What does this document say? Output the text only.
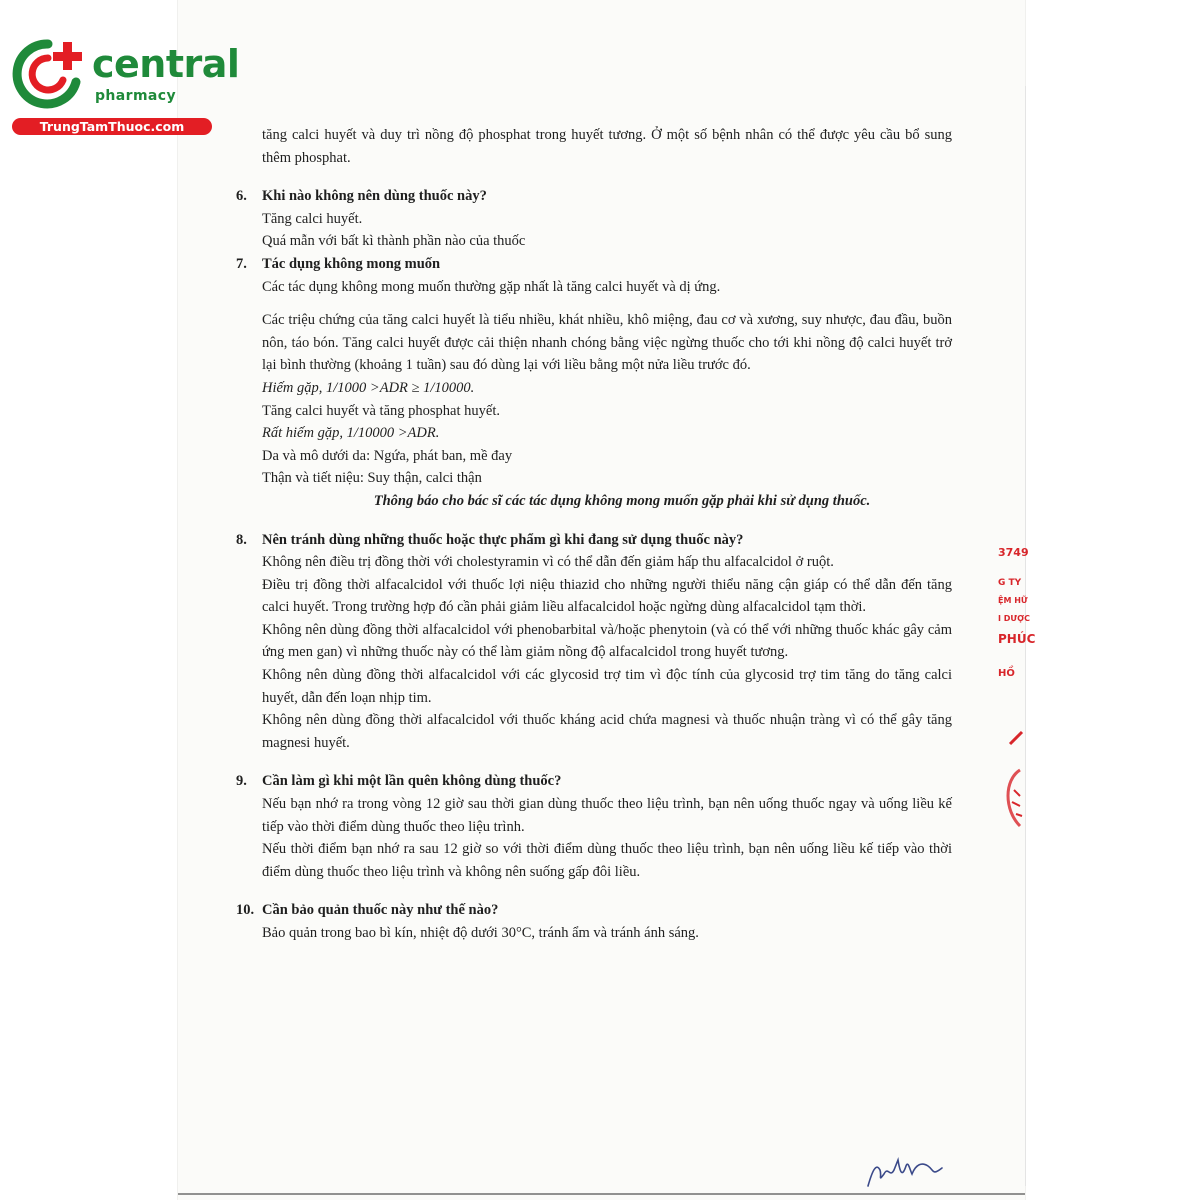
central
pharmacy
TrungTamThuoc.com

tăng calci huyết và duy trì nồng độ phosphat trong huyết tương. Ở một số bệnh nhân có thể được yêu cầu bổ sung thêm phosphat.

6.	Khi nào không nên dùng thuốc này?

Tăng calci huyết.

Quá mẫn với bất kì thành phần nào của thuốc

7.	Tác dụng không mong muốn

Các tác dụng không mong muốn thường gặp nhất là tăng calci huyết và dị ứng.

Các triệu chứng của tăng calci huyết là tiểu nhiều, khát nhiều, khô miệng, đau cơ và xương, suy nhược, đau đầu, buồn nôn, táo bón. Tăng calci huyết được cải thiện nhanh chóng bằng việc ngừng thuốc cho tới khi nồng độ calci huyết trở lại bình thường (khoảng 1 tuần) sau đó dùng lại với liều bằng một nửa liều trước đó.

Hiếm gặp, 1/1000 >ADR ≥ 1/10000.

Tăng calci huyết và tăng phosphat huyết.

Rất hiếm gặp, 1/10000 >ADR.

Da và mô dưới da: Ngứa, phát ban, mề đay

Thận và tiết niệu: Suy thận, calci thận

Thông báo cho bác sĩ các tác dụng không mong muốn gặp phải khi sử dụng thuốc.

8.	Nên tránh dùng những thuốc hoặc thực phẩm gì khi đang sử dụng thuốc này?

Không nên điều trị đồng thời với cholestyramin vì có thể dẫn đến giảm hấp thu alfacalcidol ở ruột.

Điều trị đồng thời alfacalcidol với thuốc lợi niệu thiazid cho những người thiểu năng cận giáp có thể dẫn đến tăng calci huyết. Trong trường hợp đó cần phải giảm liều alfacalcidol hoặc ngừng dùng alfacalcidol tạm thời.

Không nên dùng đồng thời alfacalcidol với phenobarbital và/hoặc phenytoin (và có thể với những thuốc khác gây cảm ứng men gan) vì những thuốc này có thể làm giảm nồng độ alfacalcidol trong huyết tương.

Không nên dùng đồng thời alfacalcidol với các glycosid trợ tim vì độc tính của glycosid trợ tim tăng do tăng calci huyết, dẫn đến loạn nhịp tim.

Không nên dùng đồng thời alfacalcidol với thuốc kháng acid chứa magnesi và thuốc nhuận tràng vì có thể gây tăng magnesi huyết.

9.	Cần làm gì khi một lần quên không dùng thuốc?

Nếu bạn nhớ ra trong vòng 12 giờ sau thời gian dùng thuốc theo liệu trình, bạn nên uống thuốc ngay và uống liều kế tiếp vào thời điểm dùng thuốc theo liệu trình.

Nếu thời điểm bạn nhớ ra sau 12 giờ so với thời điểm dùng thuốc theo liệu trình, bạn nên uống liều kế tiếp vào thời điểm dùng thuốc theo liệu trình và không nên suống gấp đôi liều.

10. Cần bảo quản thuốc này như thế nào?

Bảo quản trong bao bì kín, nhiệt độ dưới 30°C, tránh ẩm và tránh ánh sáng.

3749
G TY
ỆM HỮ
I DƯỢC
PHÚC
HỒ
